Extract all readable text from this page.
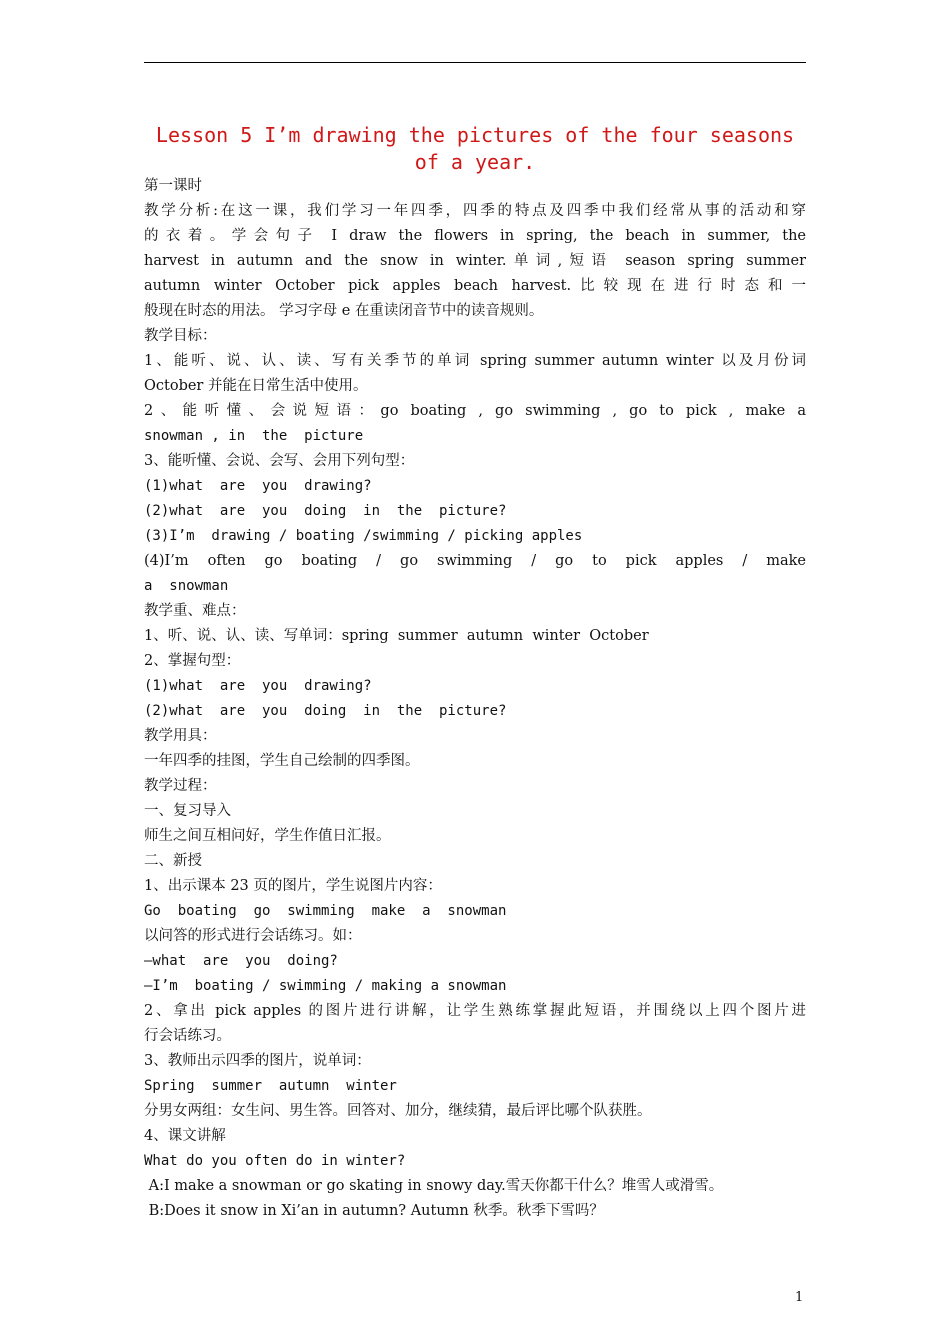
Lesson 5 I’m drawing the pictures of the four seasons of a year.
第一课时
教学分析:在这一课，我们学习一年四季，四季的特点及四季中我们经常从事的活动和穿
的衣着。学会句子 I draw the flowers in spring, the beach in summer, the
harvest in autumn and the snow in winter.单词,短语 season spring summer
autumn winter October pick apples beach harvest.比较现在进行时态和一
般现在时态的用法。 学习字母 e 在重读闭音节中的读音规则。
教学目标：
1、能听、说、认、读、写有关季节的单词 spring summer autumn winter 以及月份词
October 并能在日常生活中使用。
2、能听懂、会说短语：go boating , go swimming , go to pick , make a
snowman , in  the  picture
3、能听懂、会说、会写、会用下列句型：
(1)what  are  you  drawing?
(2)what  are  you  doing  in  the  picture?
(3)I’m  drawing / boating /swimming / picking apples
(4)I’m often go boating / go swimming / go to pick apples / make
a  snowman
教学重、难点：
1、听、说、认、读、写单词：spring  summer  autumn  winter  October
2、掌握句型：
(1)what  are  you  drawing?
(2)what  are  you  doing  in  the  picture?
教学用具：
一年四季的挂图，学生自己绘制的四季图。
教学过程：
一、复习导入
师生之间互相问好，学生作值日汇报。
二、新授
1、出示课本 23 页的图片，学生说图片内容：
Go  boating  go  swimming  make  a  snowman
以问答的形式进行会话练习。如：
—what  are  you  doing?
—I’m  boating / swimming / making a snowman
2、拿出 pick apples 的图片进行讲解，让学生熟练掌握此短语，并围绕以上四个图片进
行会话练习。
3、教师出示四季的图片，说单词：
Spring  summer  autumn  winter
分男女两组：女生问、男生答。回答对、加分，继续猜，最后评比哪个队获胜。
4、课文讲解
What do you often do in winter?
A:I make a snowman or go skating in snowy day.雪天你都干什么？堆雪人或滑雪。
B:Does it snow in Xi’an in autumn? Autumn 秋季。秋季下雪吗？
1
